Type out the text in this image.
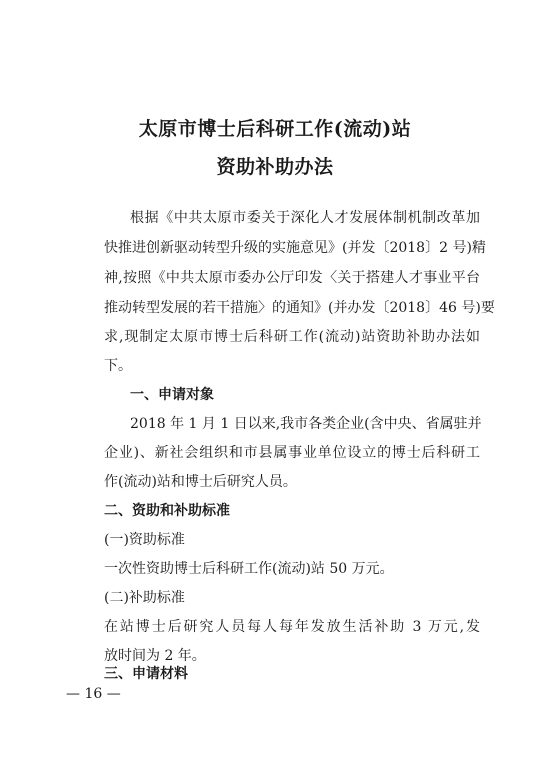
太原市博士后科研工作(流动)站
资助补助办法
根据《中共太原市委关于深化人才发展体制机制改革加
快推进创新驱动转型升级的实施意见》(并发〔2018〕2 号)精
神,按照《中共太原市委办公厅印发〈关于搭建人才事业平台
推动转型发展的若干措施〉的通知》(并办发〔2018〕46 号)要
求,现制定太原市博士后科研工作(流动)站资助补助办法如
下。
一、申请对象
2018 年 1 月 1 日以来,我市各类企业(含中央、省属驻并
企业)、新社会组织和市县属事业单位设立的博士后科研工
作(流动)站和博士后研究人员。
二、资助和补助标准
(一)资助标准
一次性资助博士后科研工作(流动)站 50 万元。
(二)补助标准
在站博士后研究人员每人每年发放生活补助 3 万元,发
放时间为 2 年。
三、申请材料
— 16 —
